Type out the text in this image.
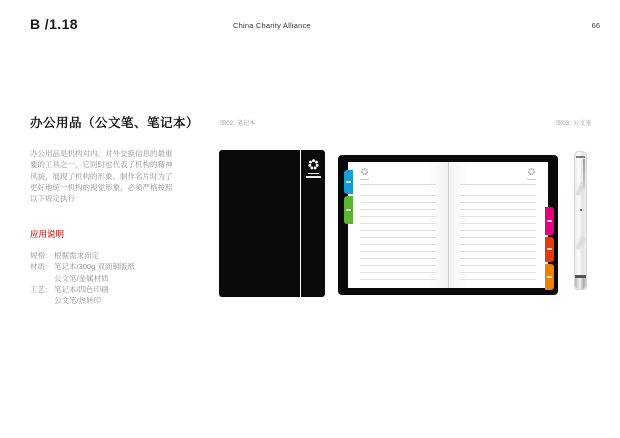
B /1.18	China Charity Alliance	66
办公用品（公文笔、笔记本）
办公用品是机构对内、对外交换信息的最重
要的工具之一，它同时也代表了机构的精神
风貌，展现了机构的形象。制作名片时为了
更好地统一机构的视觉形象，必须严格按照
以下规定执行
应用说明
规格： 根据需求而定
材质： 笔记本/300g 双面铜版纸
公文笔/金属材质
工艺： 笔记本/四色印刷
公文笔/热转印
图02: 笔记本	图03: 公文笔
